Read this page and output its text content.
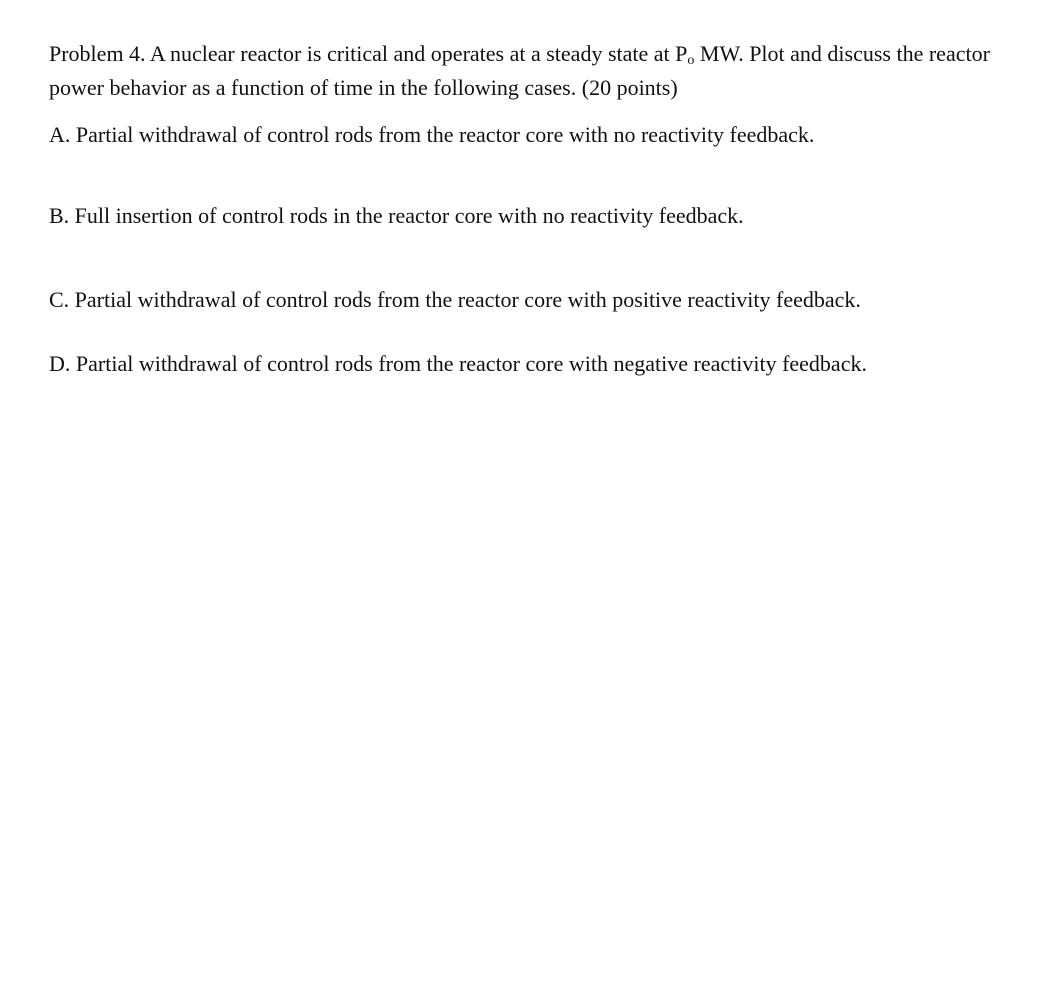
Problem 4. A nuclear reactor is critical and operates at a steady state at $P_o$ MW. Plot and discuss the reactor power behavior as a function of time in the following cases. (20 points)

A. Partial withdrawal of control rods from the reactor core with no reactivity feedback.

B. Full insertion of control rods in the reactor core with no reactivity feedback.

C. Partial withdrawal of control rods from the reactor core with positive reactivity feedback.

D. Partial withdrawal of control rods from the reactor core with negative reactivity feedback.
